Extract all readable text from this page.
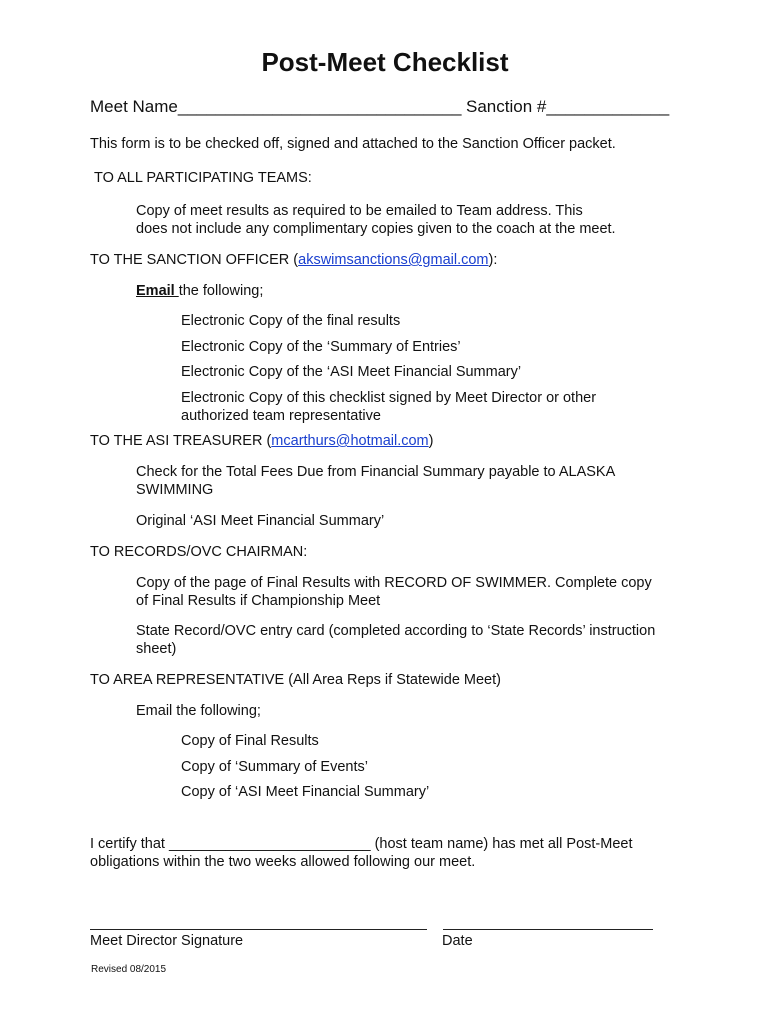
Post-Meet Checklist
Meet Name______________________________ Sanction #_____________
This form is to be checked off, signed and attached to the Sanction Officer packet.
TO ALL PARTICIPATING TEAMS:
Copy of meet results as required to be emailed to Team address. This
does not include any complimentary copies given to the coach at the meet.
TO THE SANCTION OFFICER (akswimsanctions@gmail.com):
Email the following;
Electronic Copy of the final results
Electronic Copy of the ‘Summary of Entries’
Electronic Copy of the ‘ASI Meet Financial Summary’
Electronic Copy of this checklist signed by Meet Director or other
authorized team representative
TO THE ASI TREASURER (mcarthurs@hotmail.com)
Check for the Total Fees Due from Financial Summary payable to ALASKA
SWIMMING
Original ‘ASI Meet Financial Summary’
TO RECORDS/OVC CHAIRMAN:
Copy of the page of Final Results with RECORD OF SWIMMER. Complete copy
of Final Results if Championship Meet
State Record/OVC entry card (completed according to ‘State Records’ instruction
sheet)
TO AREA REPRESENTATIVE (All Area Reps if Statewide Meet)
Email the following;
Copy of Final Results
Copy of ‘Summary of Events’
Copy of ‘ASI Meet Financial Summary’
I certify that _________________________ (host team name) has met all Post-Meet
obligations within the two weeks allowed following our meet.
Meet Director Signature	Date
Revised 08/2015
